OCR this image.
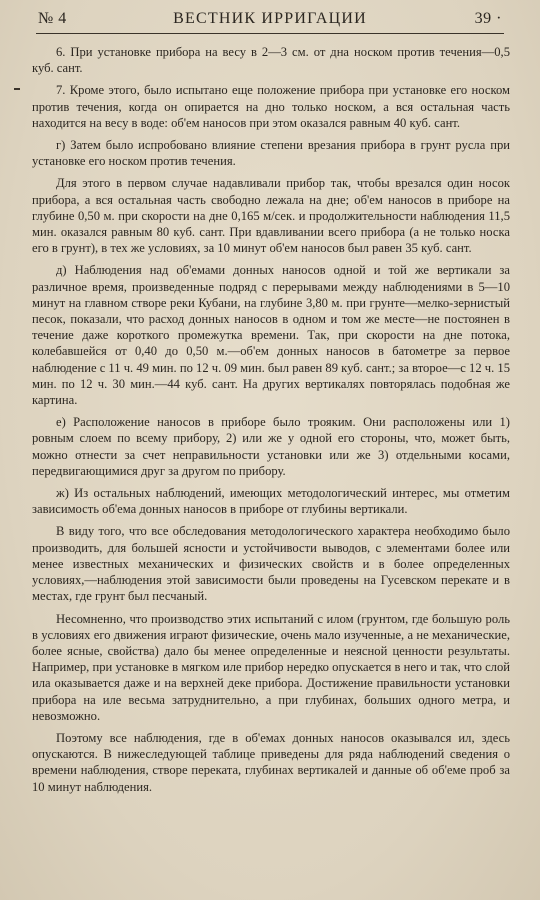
№ 4	ВЕСТНИК ИРРИГАЦИИ	39 ·

6. При установке прибора на весу в 2—3 см. от дна носком против течения—0,5 куб. сант.

7. Кроме этого, было испытано еще положение прибора при установке его носком против течения, когда он опирается на дно только носком, а вся остальная часть находится на весу в воде: об'ем наносов при этом оказался равным 40 куб. сант.

г) Затем было испробовано влияние степени врезания прибора в грунт русла при установке его носком против течения.

Для этого в первом случае надавливали прибор так, чтобы врезался один носок прибора, а вся остальная часть свободно лежала на дне; об'ем наносов в приборе на глубине 0,50 м. при скорости на дне 0,165 м/сек. и продолжительности наблюдения 11,5 мин. оказался равным 80 куб. сант. При вдавливании всего прибора (а не только носка его в грунт), в тех же условиях, за 10 минут об'ем наносов был равен 35 куб. сант.

д) Наблюдения над об'емами донных наносов одной и той же вертикали за различное время, произведенные подряд с перерывами между наблюдениями в 5—10 минут на главном створе реки Кубани, на глубине 3,80 м. при грунте—мелко-зернистый песок, показали, что расход донных наносов в одном и том же месте—не постоянен в течение даже короткого промежутка времени. Так, при скорости на дне потока, колебавшейся от 0,40 до 0,50 м.—об'ем донных наносов в батометре за первое наблюдение с 11 ч. 49 мин. по 12 ч. 09 мин. был равен 89 куб. сант.; за второе—с 12 ч. 15 мин. по 12 ч. 30 мин.—44 куб. сант. На других вертикалях повторялась подобная же картина.

е) Расположение наносов в приборе было трояким. Они расположены или 1) ровным слоем по всему прибору, 2) или же у одной его стороны, что, может быть, можно отнести за счет неправильности установки или же 3) отдельными косами, передвигающимися друг за другом по прибору.

ж) Из остальных наблюдений, имеющих методологический интерес, мы отметим зависимость об'ема донных наносов в приборе от глубины вертикали.

В виду того, что все обследования методологического характера необходимо было производить, для большей ясности и устойчивости выводов, с элементами более или менее известных механических и физических свойств и в более определенных условиях,—наблюдения этой зависимости были проведены на Гусевском перекате и в местах, где грунт был песчаный.

Несомненно, что производство этих испытаний с илом (грунтом, где большую роль в условиях его движения играют физические, очень мало изученные, а не механические, более ясные, свойства) дало бы менее определенные и неясной ценности результаты. Например, при установке в мягком иле прибор нередко опускается в него и так, что слой ила оказывается даже и на верхней деке прибора. Достижение правильности установки прибора на иле весьма затруднительно, а при глубинах, больших одного метра, и невозможно.

Поэтому все наблюдения, где в об'емах донных наносов оказывался ил, здесь опускаются. В нижеследующей таблице приведены для ряда наблюдений сведения о времени наблюдения, створе переката, глубинах вертикалей и данные об об'еме проб за 10 минут наблюдения.
